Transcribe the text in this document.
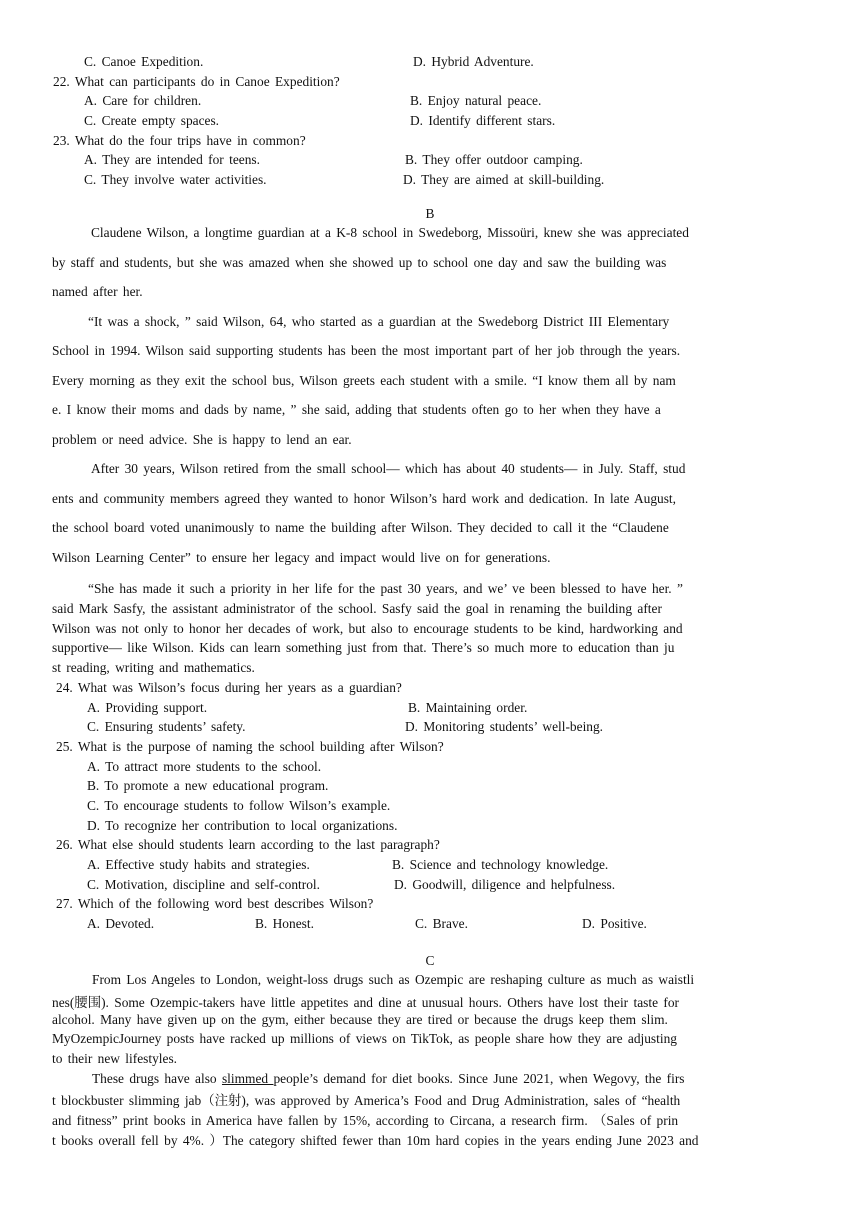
C. Canoe Expedition.	D. Hybrid Adventure.
22. What can participants do in Canoe Expedition?
A. Care for children.	B. Enjoy natural peace.
C. Create empty spaces.	D. Identify different stars.
23. What do the four trips have in common?
A. They are intended for teens.	B. They offer outdoor camping.
C. They involve water activities.	D. They are aimed at skill-building.
B
Claudene Wilson, a longtime guardian at a K-8 school in Swedeborg, Missoüri, knew she was appreciated
by staff and students, but she was amazed when she showed up to school one day and saw the building was
named after her.
“It was a shock, ” said Wilson, 64, who started as a guardian at the Swedeborg District III Elementary
School in 1994. Wilson said supporting students has been the most important part of her job through the years.
Every morning as they exit the school bus, Wilson greets each student with a smile. “I know them all by nam
e. I know their moms and dads by name, ” she said, adding that students often go to her when they have a
problem or need advice. She is happy to lend an ear.
After 30 years, Wilson retired from the small school— which has about 40 students— in July. Staff, stud
ents and community members agreed they wanted to honor Wilson’s hard work and dedication. In late August,
the school board voted unanimously to name the building after Wilson. They decided to call it the “Claudene
Wilson Learning Center” to ensure her legacy and impact would live on for generations.
“She has made it such a priority in her life for the past 30 years, and we’ ve been blessed to have her. ”
said Mark Sasfy, the assistant administrator of the school. Sasfy said the goal in renaming the building after
Wilson was not only to honor her decades of work, but also to encourage students to be kind, hardworking and
supportive— like Wilson. Kids can learn something just from that. There’s so much more to education than ju
st reading, writing and mathematics.
24. What was Wilson’s focus during her years as a guardian?
A. Providing support.	B. Maintaining order.
C. Ensuring students’ safety.	D. Monitoring students’ well-being.
25. What is the purpose of naming the school building after Wilson?
A. To attract more students to the school.
B. To promote a new educational program.
C. To encourage students to follow Wilson’s example.
D. To recognize her contribution to local organizations.
26. What else should students learn according to the last paragraph?
A. Effective study habits and strategies.	B. Science and technology knowledge.
C. Motivation, discipline and self-control.	D. Goodwill, diligence and helpfulness.
27. Which of the following word best describes Wilson?
A. Devoted.	B. Honest.	C. Brave.	D. Positive.
C
From Los Angeles to London, weight-loss drugs such as Ozempic are reshaping culture as much as waistli
nes(腰围). Some Ozempic-takers have little appetites and dine at unusual hours. Others have lost their taste for
alcohol. Many have given up on the gym, either because they are tired or because the drugs keep them slim.
MyOzempicJourney posts have racked up millions of views on TikTok, as people share how they are adjusting
to their new lifestyles.
These drugs have also slimmed people’s demand for diet books. Since June 2021, when Wegovy, the firs
t blockbuster slimming jab（注射), was approved by America’s Food and Drug Administration, sales of “health
and fitness” print books in America have fallen by 15%, according to Circana, a research firm. （Sales of prin
t books overall fell by 4%. ）The category shifted fewer than 10m hard copies in the years ending June 2023 and
